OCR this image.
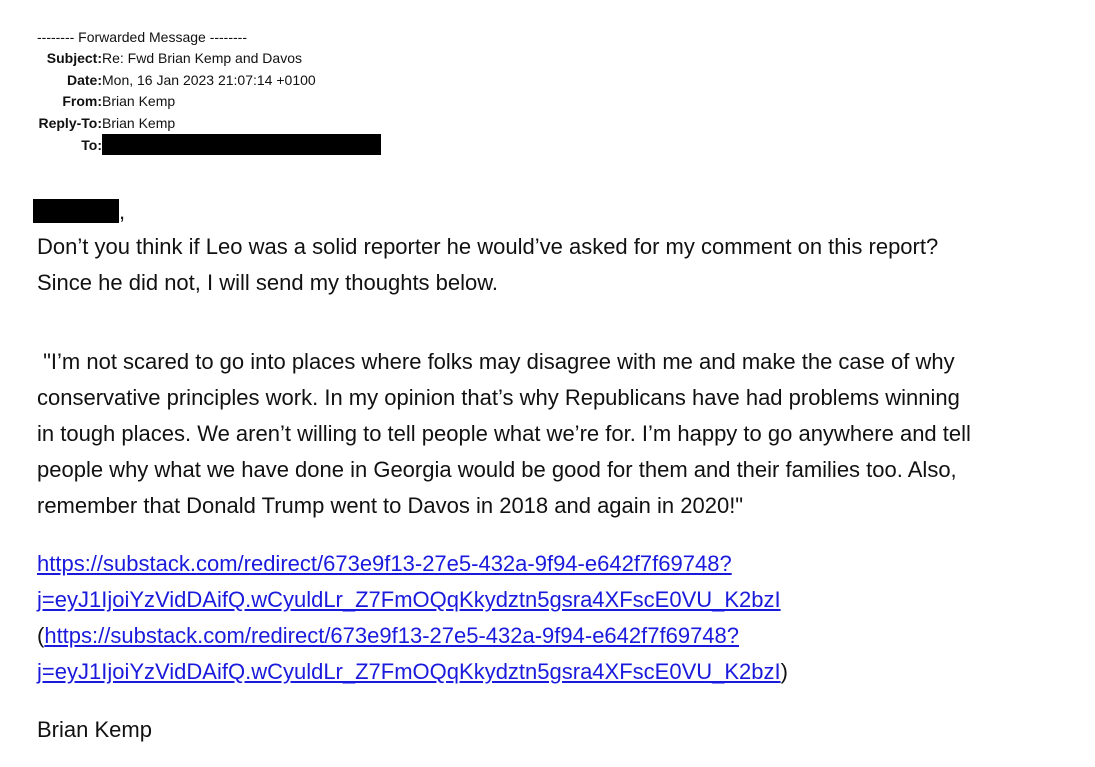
-------- Forwarded Message --------
Subject: Re: Fwd Brian Kemp and Davos
Date: Mon, 16 Jan 2023 21:07:14 +0100
From: Brian Kemp
Reply-To: Brian Kemp
To:
,
Don’t you think if Leo was a solid reporter he would’ve asked for my comment on this report?
Since he did not, I will send my thoughts below.
"I’m not scared to go into places where folks may disagree with me and make the case of why
conservative principles work. In my opinion that’s why Republicans have had problems winning
in tough places. We aren’t willing to tell people what we’re for. I’m happy to go anywhere and tell
people why what we have done in Georgia would be good for them and their families too. Also,
remember that Donald Trump went to Davos in 2018 and again in 2020!"
https://substack.com/redirect/673e9f13-27e5-432a-9f94-e642f7f69748?
j=eyJ1IjoiYzVidDAifQ.wCyuldLr_Z7FmOQqKkydztn5gsra4XFscE0VU_K2bzI
(https://substack.com/redirect/673e9f13-27e5-432a-9f94-e642f7f69748?
j=eyJ1IjoiYzVidDAifQ.wCyuldLr_Z7FmOQqKkydztn5gsra4XFscE0VU_K2bzI)
Brian Kemp
